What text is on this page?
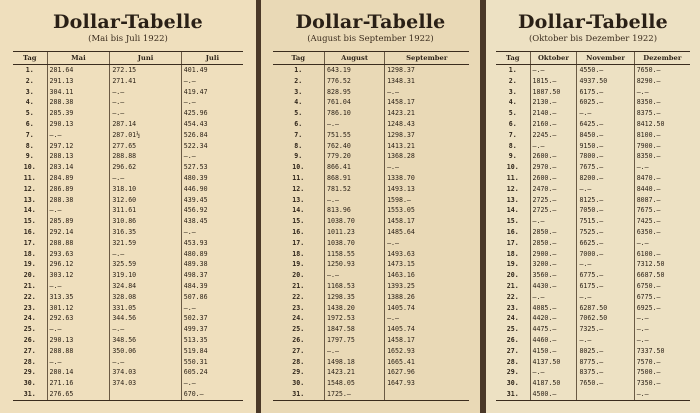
Dollar-Tabelle
(Mai bis Juli 1922)
Tag	Mai	Juni	Juli
1.	281.64	272.15	401.49
2.	291.13	271.41	—.—
3.	304.11	—.—	419.47
4.	288.38	—.—	—.—
5.	285.39	—.—	425.96
6.	290.13	287.14	454.43
7.	—.—	287.01½	526.84
8.	297.12	277.65	522.34
9.	288.13	288.88	—.—
10.	283.14	296.62	527.53
11.	284.89	—.—	480.39
12.	286.89	318.10	446.90
13.	288.38	312.60	439.45
14.	—.—	311.61	456.92
15.	285.89	310.86	438.45
16.	292.14	316.35	—.—
17.	288.88	321.59	453.93
18.	293.63	—.—	480.89
19.	296.12	325.59	489.38
20.	303.12	319.10	498.37
21.	—.—	324.84	484.39
22.	313.35	328.08	507.86
23.	301.12	331.05	—.—
24.	292.63	344.56	502.37
25.	—.—	—.—	499.37
26.	290.13	348.56	513.35
27.	288.88	350.06	519.84
28.	—.—	—.—	550.31
29.	280.14	374.03	605.24
30.	271.16	374.03	—.—
31.	276.65		670.—
Dollar-Tabelle
(August bis September 1922)
Tag	August	September
1.	643.19	1298.37
2.	776.52	1348.31
3.	828.95	—.—
4.	761.04	1458.17
5.	786.10	1423.21
6.	—.—	1248.43
7.	751.55	1298.37
8.	762.40	1413.21
9.	779.20	1368.28
10.	866.41	—.—
11.	868.91	1338.70
12.	781.52	1493.13
13.	—.—	1598.—
14.	813.96	1553.05
15.	1038.70	1458.17
16.	1011.23	1485.64
17.	1038.70	—.—
18.	1158.55	1493.63
19.	1250.93	1473.15
20.	—.—	1463.16
21.	1168.53	1393.25
22.	1298.35	1388.26
23.	1438.20	1405.74
24.	1972.53	—.—
25.	1847.58	1405.74
26.	1797.75	1458.17
27.	—.—	1652.93
28.	1498.18	1665.41
29.	1423.21	1627.96
30.	1548.05	1647.93
31.	1725.—	
Dollar-Tabelle
(Oktober bis Dezember 1922)
Tag	Oktober	November	Dezember
1.	—.—	4550.—	7650.—
2.	1815.—	4937.50	8290.—
3.	1887.50	6175.—	—.—
4.	2130.—	6025.—	8350.—
5.	2140.—	—.—	8375.—
6.	2160.—	6425.—	8412.50
7.	2245.—	8450.—	8100.—
8.	—.—	9150.—	7900.—
9.	2600.—	7800.—	8350.—
10.	2970.—	7675.—	—.—
11.	2600.—	8200.—	8470.—
12.	2470.—	—.—	8440.—
13.	2725.—	8125.—	8087.—
14.	2725.—	7050.—	7675.—
15.	—.—	7515.—	7425.—
16.	2850.—	7525.—	6350.—
17.	2850.—	6625.—	—.—
18.	2900.—	7000.—	6100.—
19.	3200.—	—.—	7312.50
20.	3560.—	6775.—	6687.50
21.	4430.—	6175.—	6750.—
22.	—.—	—.—	6775.—
23.	4085.—	6287.50	6925.—
24.	4420.—	7062.50	—.—
25.	4475.—	7325.—	—.—
26.	4460.—	—.—	—.—
27.	4150.—	8025.—	7337.50
28.	4137.50	8775.—	7570.—
29.	—.—	8375.—	7500.—
30.	4187.50	7650.—	7350.—
31.	4500.—		—.—
